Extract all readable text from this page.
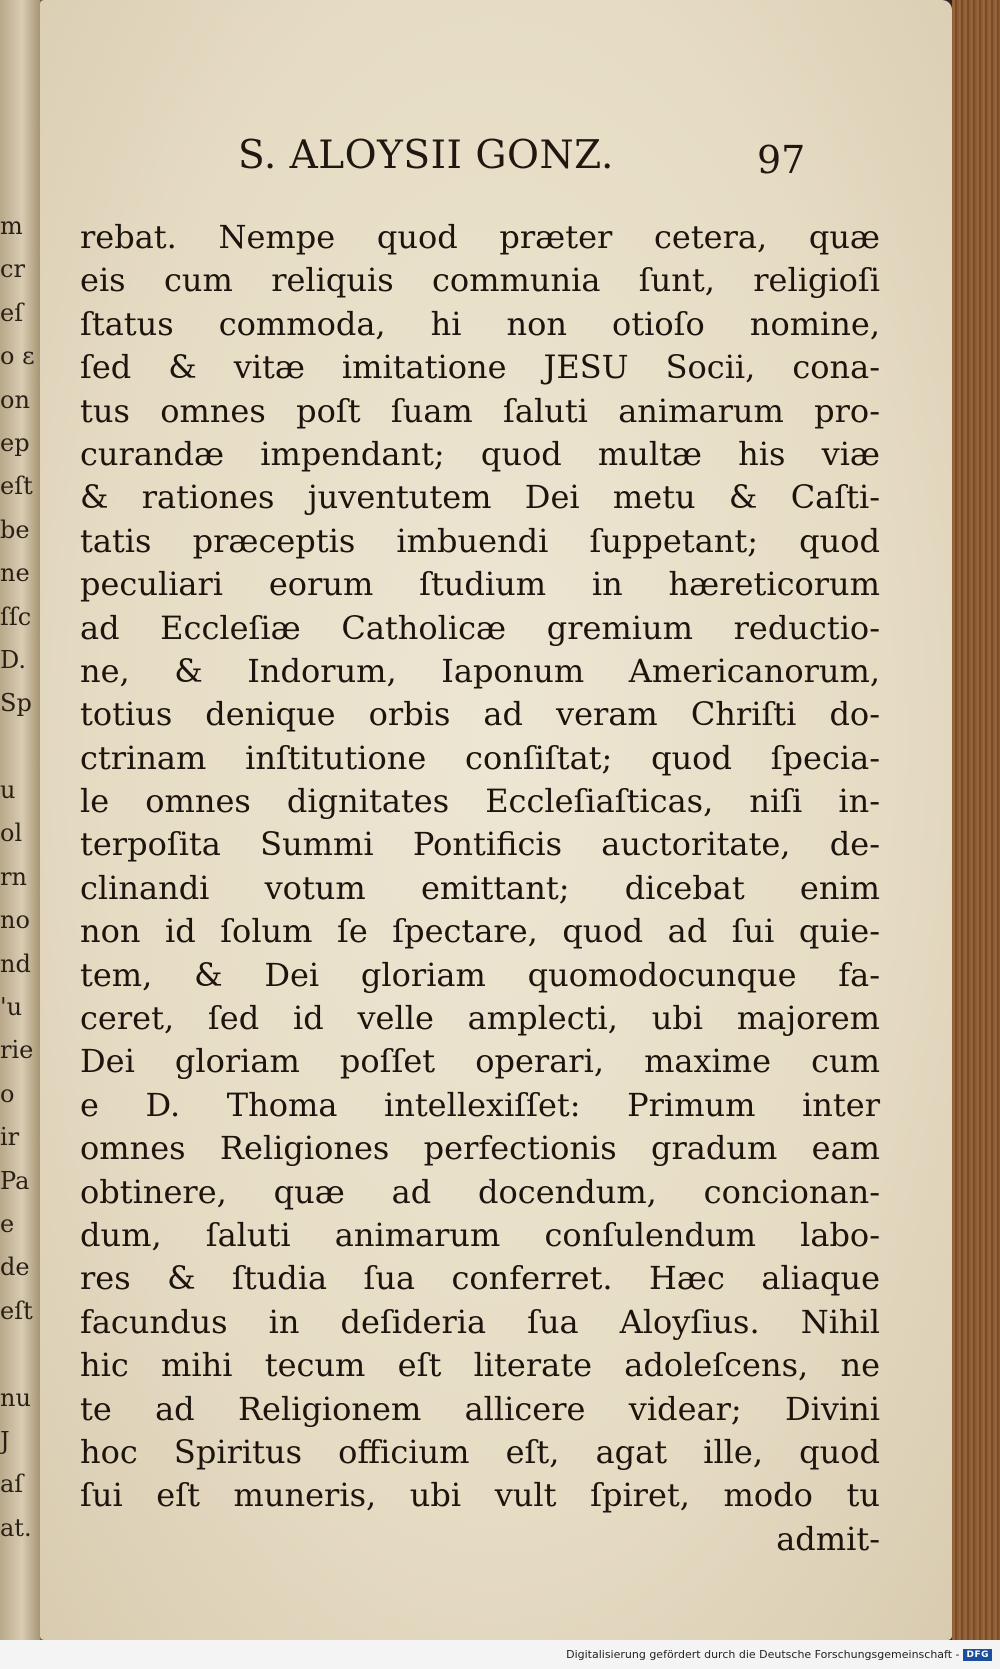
m
cr
eſ
o ε
on
ep
eſt
be
ne
ſſc
D.
Sp
u
ol
rn
no
nd
'u
rie
o
ir
Pa
e
de
eſt
nu
J
aſ
at.
S. ALOYSII GONZ.	97
rebat. Nempe quod præter cetera, quæ
eis cum reliquis communia ſunt, religioſi
ſtatus commoda, hi non otioſo nomine,
ſed & vitæ imitatione JESU Socii, cona-
tus omnes poſt ſuam ſaluti animarum pro-
curandæ impendant; quod multæ his viæ
& rationes juventutem Dei metu & Caſti-
tatis præceptis imbuendi ſuppetant; quod
peculiari eorum ſtudium in hæreticorum
ad Eccleſiæ Catholicæ gremium reductio-
ne, & Indorum, Iaponum Americanorum,
totius denique orbis ad veram Chriſti do-
ctrinam inſtitutione conſiſtat; quod ſpecia-
le omnes dignitates Eccleſiaſticas, niſi in-
terpoſita Summi Pontificis auctoritate, de-
clinandi votum emittant; dicebat enim
non id ſolum ſe ſpectare, quod ad ſui quie-
tem, & Dei gloriam quomodocunque fa-
ceret, ſed id velle amplecti, ubi majorem
Dei gloriam poſſet operari, maxime cum
e D. Thoma intellexiſſet: Primum inter
omnes Religiones perfectionis gradum eam
obtinere, quæ ad docendum, concionan-
dum, ſaluti animarum conſulendum labo-
res & ſtudia ſua conferret. Hæc aliaque
facundus in deſideria ſua Aloyſius. Nihil
hic mihi tecum eſt literate adoleſcens, ne
te ad Religionem allicere videar; Divini
hoc Spiritus officium eſt, agat ille, quod
ſui eſt muneris, ubi vult ſpiret, modo tu
admit-
Digitalisierung gefördert durch die Deutsche Forschungsgemeinschaft - DFG
